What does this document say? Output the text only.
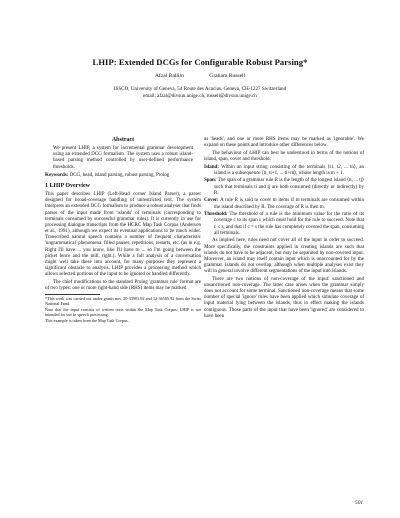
LHIP: Extended DCGs for Configurable Robust Parsing*
Afzal Ballim	Graham Russell
ISSCO, University of Geneva, 54 Route des Acacias, Geneva, CH-1227 Switzerland
email: afzal@divsun.unige.ch, russell@divsun.unige.ch
Abstract

We present LHIP, a system for incremental grammar development using an extended DCG formalism. The system uses a robust island-based parsing method controlled by user-defined performance thresholds.

Keywords: DCG, head, island parsing, robust parsing, Prolog

1 LHIP Overview

This paper describes LHIP (Left-Head corner Island Parser), a parser designed for broad-coverage handling of unrestricted text. The system interprets an extended DCG formalism to produce a robust analyser that finds parses of the input made from 'islands' of terminals (corresponding to terminals consumed by successful grammar rules). It is currently in use for processing dialogue transcripts from the HCRC Map Task Corpus (Anderson et al., 1991), although we expect its eventual applications to be much wider. Transcribed natural speech contains a number of frequent characteristic 'ungrammatical' phenomena: filled pauses, repetitions, restarts, etc. (as in e.g. Right I'll have ... you know, like I'll have to ... so I'm going between the picket fence and the mill, right.). While a full analysis of a conversation might well take these into account, for many purposes they represent a significant obstacle to analysis. LHIP provides a processing method which allows selected portions of the input to be ignored or handled differently.

The chief modifications to the standard Prolog 'grammar rule' format are of two types: one or more right-hand side (RHS) items may be marked

*This work was carried out under grants nos. 20-33903.92 and 12-36505.92 from the Swiss National Fund.

Note that the input consists of written texts within the Map Task Corpus; LHIP is not intended for use in speech processing.

This example is taken from the Map Task Corpus.

as 'heads', and one or more RHS items may be marked as 'ignorable'. We expand on these points and introduce other differences below.

The behaviour of LHIP can best be understood in terms of the notions of island, span, cover and threshold:

Island: Within an input string consisting of the terminals ⟨t1, t2, ... tn⟩, an island is a subsequence ⟨ti, ti+1, ... ti+m⟩, whose length is m + 1.

Span: The span of a grammar rule R is the length of the longest island ⟨ti, ... tj⟩ such that terminals ti and tj are both consumed (directly or indirectly) by R.

Cover: A rule R is said to cover m items if m terminals are consumed within the island described by R. The coverage of R is then m.

Threshold: The threshold of a rule is the minimum value for the ratio of its coverage c to its span s which must hold for the rule to succeed. Note that c ≤ s, and that if c = s the rule has completely covered the span, consuming all terminals.

As implied here, rules need not cover all of the input in order to succeed. More specifically, the constraints applied in creating islands are such that islands do not have to be adjacent, but may be separated by non-covered input. Moreover, an island may itself contain input which is unaccounted for by the grammar. Islands do not overlap, although when multiple analyses exist they will in general involve different segmentations of the input into islands.

There are two notions of non-coverage of the input: sanctioned and unsanctioned non-coverage. The latter case arises when the grammar simply does not account for some terminal. Sanctioned non-coverage means that some number of special 'ignore' rules have been applied which simulate coverage of input material lying between the islands, thus in effect making the islands contiguous. Those parts of the input that have been 'ignored' are considered to have been

501
